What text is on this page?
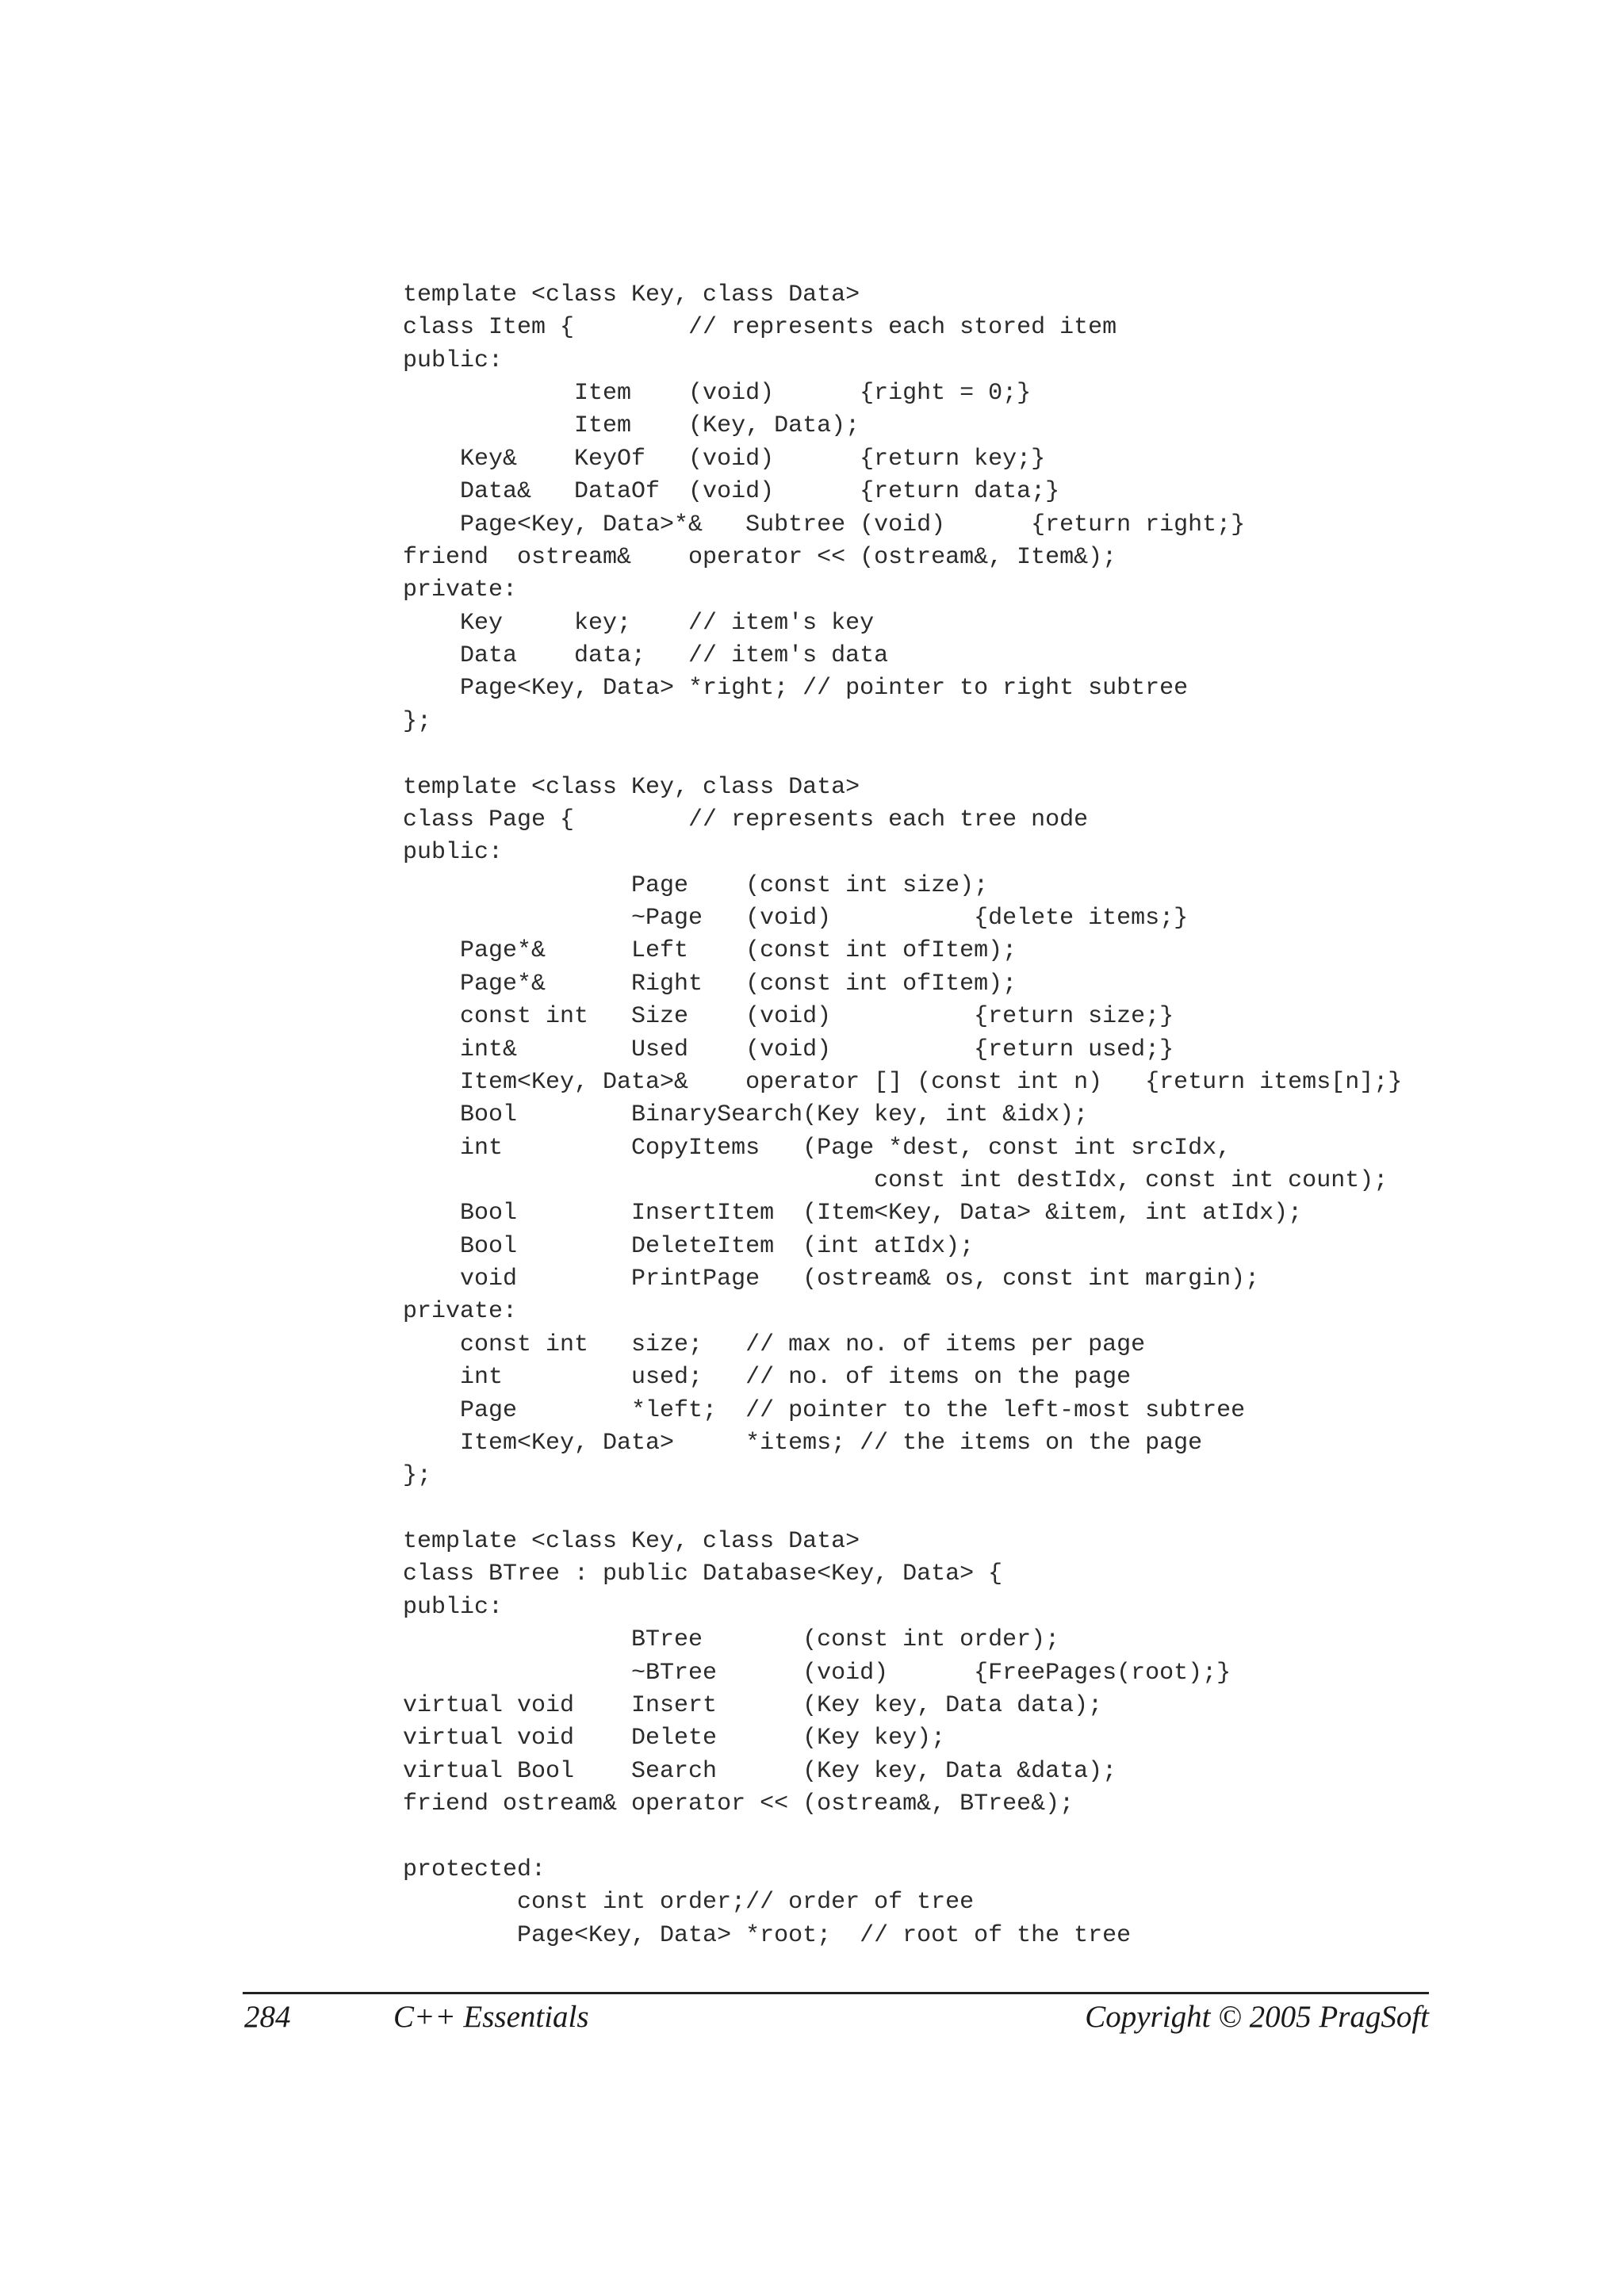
template <class Key, class Data>
class Item {        // represents each stored item
public:
Item    (void)      {right = 0;}
Item    (Key, Data);
Key&    KeyOf   (void)      {return key;}
Data&   DataOf  (void)      {return data;}
Page<Key, Data>*&   Subtree (void)      {return right;}
friend  ostream&    operator << (ostream&, Item&);
private:
Key     key;    // item's key
Data    data;   // item's data
Page<Key, Data> *right; // pointer to right subtree
};
template <class Key, class Data>
class Page {        // represents each tree node
public:
Page    (const int size);
~Page   (void)          {delete items;}
Page*&      Left    (const int ofItem);
Page*&      Right   (const int ofItem);
const int   Size    (void)          {return size;}
int&        Used    (void)          {return used;}
Item<Key, Data>&    operator [] (const int n)   {return items[n];}
Bool        BinarySearch(Key key, int &idx);
int         CopyItems   (Page *dest, const int srcIdx,
const int destIdx, const int count);
Bool        InsertItem  (Item<Key, Data> &item, int atIdx);
Bool        DeleteItem  (int atIdx);
void        PrintPage   (ostream& os, const int margin);
private:
const int   size;   // max no. of items per page
int         used;   // no. of items on the page
Page        *left;  // pointer to the left-most subtree
Item<Key, Data>     *items; // the items on the page
};
template <class Key, class Data>
class BTree : public Database<Key, Data> {
public:
BTree       (const int order);
~BTree      (void)      {FreePages(root);}
virtual void    Insert      (Key key, Data data);
virtual void    Delete      (Key key);
virtual Bool    Search      (Key key, Data &data);
friend ostream& operator << (ostream&, BTree&);
protected:
const int order;// order of tree
Page<Key, Data> *root;  // root of the tree
284	C++ Essentials	Copyright © 2005 PragSoft
